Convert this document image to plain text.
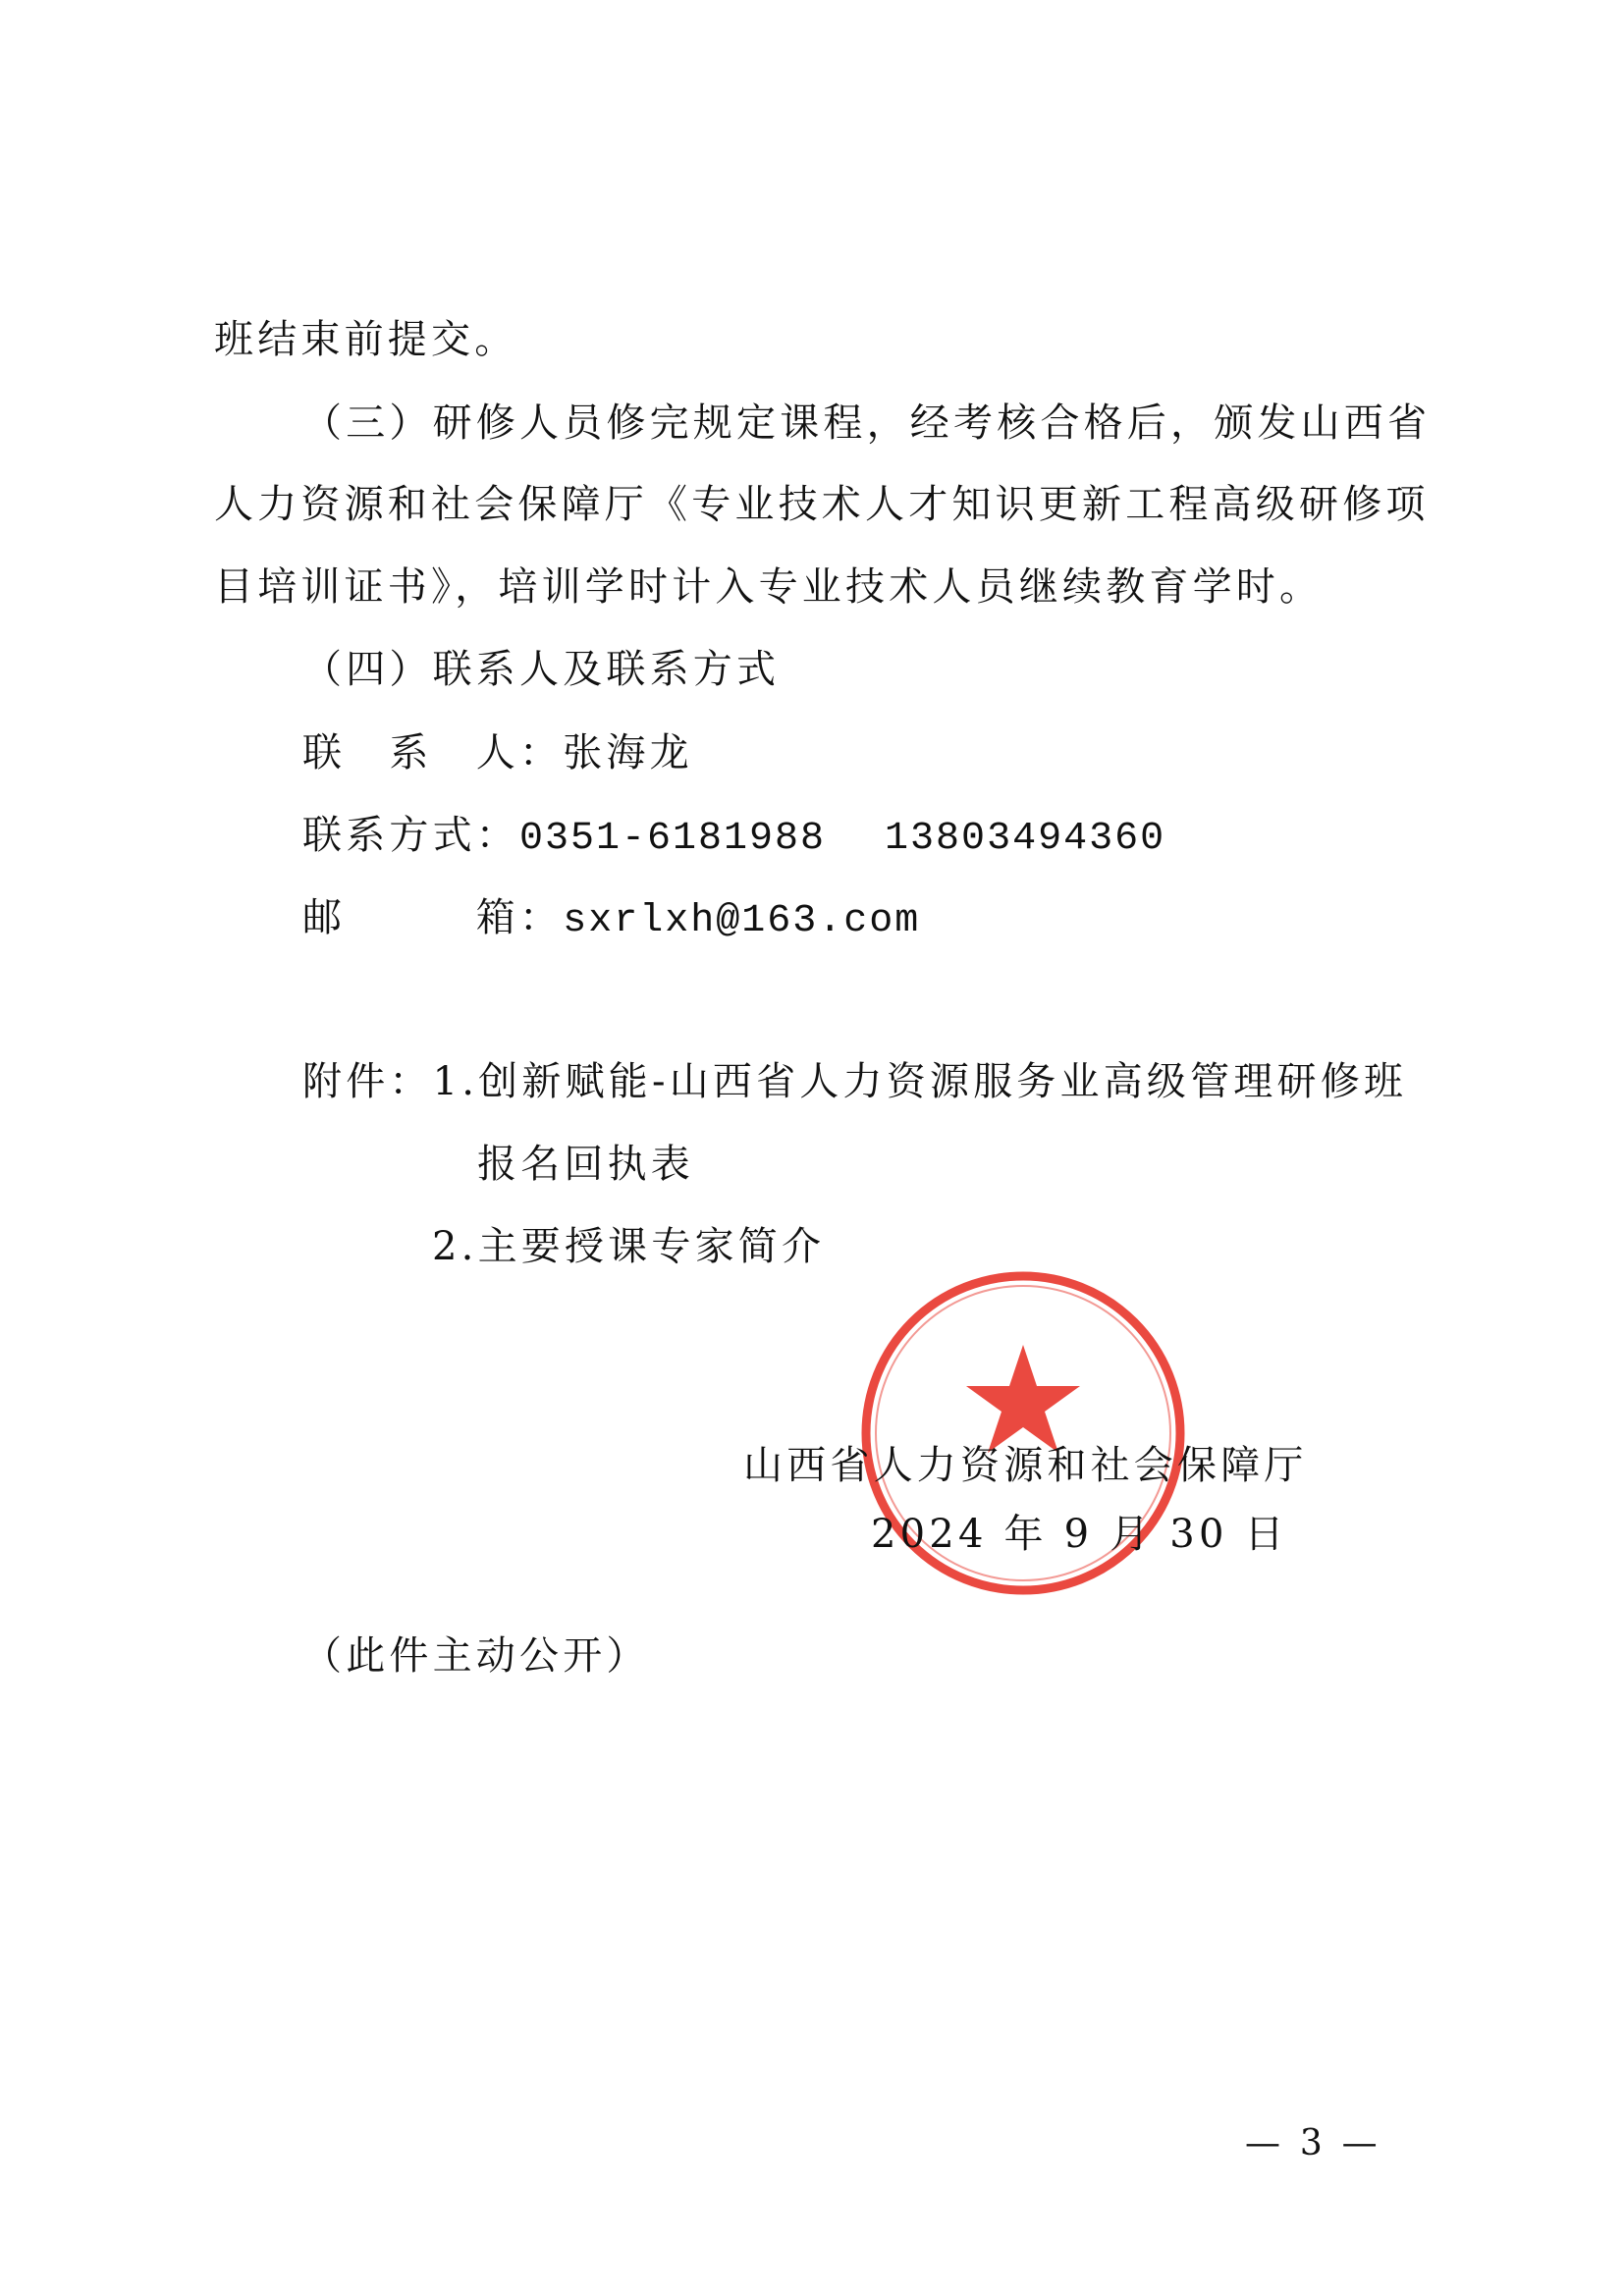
班结束前提交。
（三）研修人员修完规定课程，经考核合格后，颁发山西省
人力资源和社会保障厅《专业技术人才知识更新工程高级研修项
目培训证书》，培训学时计入专业技术人员继续教育学时。
（四）联系人及联系方式
联　系　人：张海龙
联系方式：0351-6181988 13803494360
邮　　　箱：sxrlxh@163.com
附件：1.创新赋能-山西省人力资源服务业高级管理研修班
报名回执表
2.主要授课专家简介
山西省人力资源和社会保障厅
2024 年 9 月 30 日
（此件主动公开）
— 3 —
